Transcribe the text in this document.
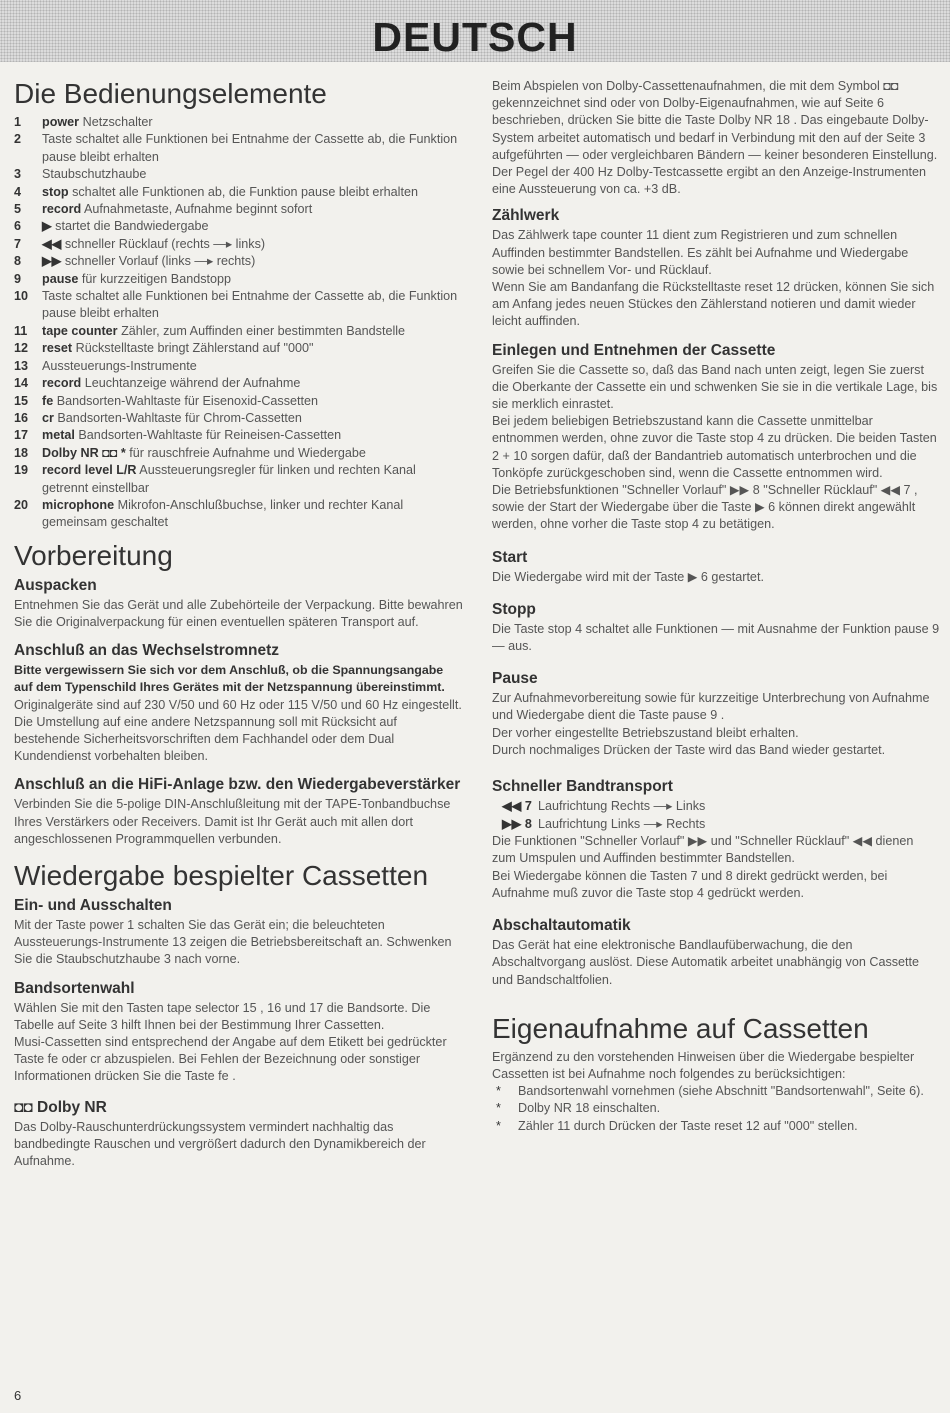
DEUTSCH
Die Bedienungselemente
1	power Netzschalter
2	Taste schaltet alle Funktionen bei Entnahme der Cassette ab, die Funktion pause bleibt erhalten
3	Staubschutzhaube
4	stop schaltet alle Funktionen ab, die Funktion pause bleibt erhalten
5	record Aufnahmetaste, Aufnahme beginnt sofort
6	▶ startet die Bandwiedergabe
7	◀◀ schneller Rücklauf (rechts —▸ links)
8	▶▶ schneller Vorlauf (links —▸ rechts)
9	pause für kurzzeitigen Bandstopp
10	Taste schaltet alle Funktionen bei Entnahme der Cassette ab, die Funktion pause bleibt erhalten
11	tape counter Zähler, zum Auffinden einer bestimmten Bandstelle
12	reset Rückstelltaste bringt Zählerstand auf "000"
13	Aussteuerungs-Instrumente
14	record Leuchtanzeige während der Aufnahme
15	fe Bandsorten-Wahltaste für Eisenoxid-Cassetten
16	cr Bandsorten-Wahltaste für Chrom-Cassetten
17	metal Bandsorten-Wahltaste für Reineisen-Cassetten
18	Dolby NR ◘◘ * für rauschfreie Aufnahme und Wiedergabe
19	record level L/R Aussteuerungsregler für linken und rechten Kanal getrennt einstellbar
20	microphone Mikrofon-Anschlußbuchse, linker und rechter Kanal gemeinsam geschaltet
Vorbereitung
Auspacken

Entnehmen Sie das Gerät und alle Zubehörteile der Verpackung. Bitte bewahren Sie die Originalverpackung für einen eventuellen späteren Transport auf.

Anschluß an das Wechselstromnetz

Bitte vergewissern Sie sich vor dem Anschluß, ob die Spannungsangabe auf dem Typenschild Ihres Gerätes mit der Netzspannung übereinstimmt.

Originalgeräte sind auf 230 V/50 und 60 Hz oder 115 V/50 und 60 Hz eingestellt. Die Umstellung auf eine andere Netzspannung soll mit Rücksicht auf bestehende Sicherheitsvorschriften dem Fachhandel oder dem Dual Kundendienst vorbehalten bleiben.

Anschluß an die HiFi-Anlage bzw. den Wiedergabeverstärker

Verbinden Sie die 5-polige DIN-Anschlußleitung mit der TAPE-Tonbandbuchse Ihres Verstärkers oder Receivers. Damit ist Ihr Gerät auch mit allen dort angeschlossenen Programmquellen verbunden.

Wiedergabe bespielter Cassetten
Ein- und Ausschalten

Mit der Taste power 1 schalten Sie das Gerät ein; die beleuchteten Aussteuerungs-Instrumente 13 zeigen die Betriebsbereitschaft an. Schwenken Sie die Staubschutzhaube 3 nach vorne.

Bandsortenwahl

Wählen Sie mit den Tasten tape selector 15 , 16 und 17 die Bandsorte. Die Tabelle auf Seite 3 hilft Ihnen bei der Bestimmung Ihrer Cassetten.

Musi-Cassetten sind entsprechend der Angabe auf dem Etikett bei gedrückter Taste fe oder cr abzuspielen. Bei Fehlen der Bezeichnung oder sonstiger Informationen drücken Sie die Taste fe .

◘◘ Dolby NR

Das Dolby-Rauschunterdrückungssystem vermindert nachhaltig das bandbedingte Rauschen und vergrößert dadurch den Dynamikbereich der Aufnahme.

Beim Abspielen von Dolby-Cassettenaufnahmen, die mit dem Symbol ◘◘ gekennzeichnet sind oder von Dolby-Eigenaufnahmen, wie auf Seite 6 beschrieben, drücken Sie bitte die Taste Dolby NR 18 . Das eingebaute Dolby-System arbeitet automatisch und bedarf in Verbindung mit den auf der Seite 3 aufgeführten — oder vergleichbaren Bändern — keiner besonderen Einstellung.

Der Pegel der 400 Hz Dolby-Testcassette ergibt an den Anzeige-Instrumenten eine Aussteuerung von ca. +3 dB.

Zählwerk

Das Zählwerk tape counter 11 dient zum Registrieren und zum schnellen Auffinden bestimmter Bandstellen. Es zählt bei Aufnahme und Wiedergabe sowie bei schnellem Vor- und Rücklauf.

Wenn Sie am Bandanfang die Rückstelltaste reset 12 drücken, können Sie sich am Anfang jedes neuen Stückes den Zählerstand notieren und damit wieder leicht auffinden.

Einlegen und Entnehmen der Cassette

Greifen Sie die Cassette so, daß das Band nach unten zeigt, legen Sie zuerst die Oberkante der Cassette ein und schwenken Sie sie in die vertikale Lage, bis sie merklich einrastet.

Bei jedem beliebigen Betriebszustand kann die Cassette unmittelbar entnommen werden, ohne zuvor die Taste stop 4 zu drücken. Die beiden Tasten 2 + 10 sorgen dafür, daß der Bandantrieb automatisch unterbrochen und die Tonköpfe zurückgeschoben sind, wenn die Cassette entnommen wird.

Die Betriebsfunktionen "Schneller Vorlauf" ▶▶ 8 "Schneller Rücklauf" ◀◀ 7 , sowie der Start der Wiedergabe über die Taste ▶ 6 können direkt angewählt werden, ohne vorher die Taste stop 4 zu betätigen.

Start

Die Wiedergabe wird mit der Taste ▶ 6 gestartet.

Stopp

Die Taste stop 4 schaltet alle Funktionen — mit Ausnahme der Funktion pause 9 — aus.

Pause

Zur Aufnahmevorbereitung sowie für kurzzeitige Unterbrechung von Aufnahme und Wiedergabe dient die Taste pause 9 .

Der vorher eingestellte Betriebszustand bleibt erhalten.

Durch nochmaliges Drücken der Taste wird das Band wieder gestartet.

Schneller Bandtransport
◀◀ 7 Laufrichtung Rechts —▸ Links
▶▶ 8 Laufrichtung Links —▸ Rechts

Die Funktionen "Schneller Vorlauf" ▶▶ und "Schneller Rücklauf" ◀◀ dienen zum Umspulen und Auffinden bestimmter Bandstellen.

Bei Wiedergabe können die Tasten 7 und 8 direkt gedrückt werden, bei Aufnahme muß zuvor die Taste stop 4 gedrückt werden.

Abschaltautomatik

Das Gerät hat eine elektronische Bandlaufüberwachung, die den Abschaltvorgang auslöst. Diese Automatik arbeitet unabhängig von Cassette und Bandschaltfolien.

Eigenaufnahme auf Cassetten

Ergänzend zu den vorstehenden Hinweisen über die Wiedergabe bespielter Cassetten ist bei Aufnahme noch folgendes zu berücksichtigen:

*	Bandsortenwahl vornehmen (siehe Abschnitt "Bandsortenwahl", Seite 6).
*	Dolby NR 18 einschalten.
*	Zähler 11 durch Drücken der Taste reset 12 auf "000" stellen.
6
